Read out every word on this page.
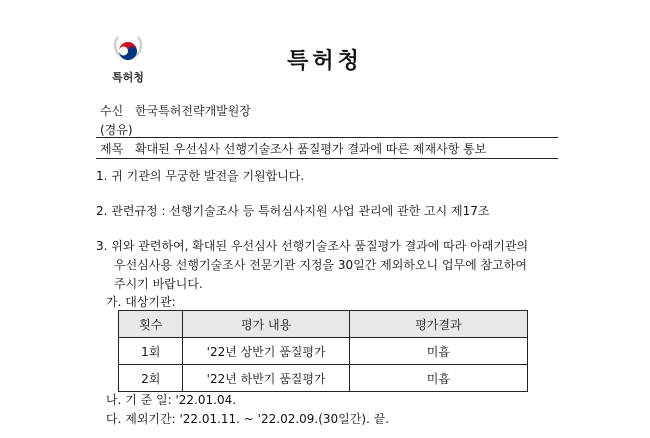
특허청
특허청
수신 한국특허전략개발원장
(경유)
제목 확대된 우선심사 선행기술조사 품질평가 결과에 따른 제재사항 통보
1. 귀 기관의 무궁한 발전을 기원합니다.
2. 관련규정 : 선행기술조사 등 특허심사지원 사업 관리에 관한 고시 제17조
3. 위와 관련하여, 확대된 우선심사 선행기술조사 품질평가 결과에 따라 아래기관의
우선심사용 선행기술조사 전문기관 지정을 30일간 제외하오니 업무에 참고하여
주시기 바랍니다.
가. 대상기관:
횟수	평가 내용	평가결과
1회	'22년 상반기 품질평가	미흡
2회	'22년 하반기 품질평가	미흡
나. 기 준 일: '22.01.04.
다. 제외기간: '22.01.11. ~ '22.02.09.(30일간). 끝.
